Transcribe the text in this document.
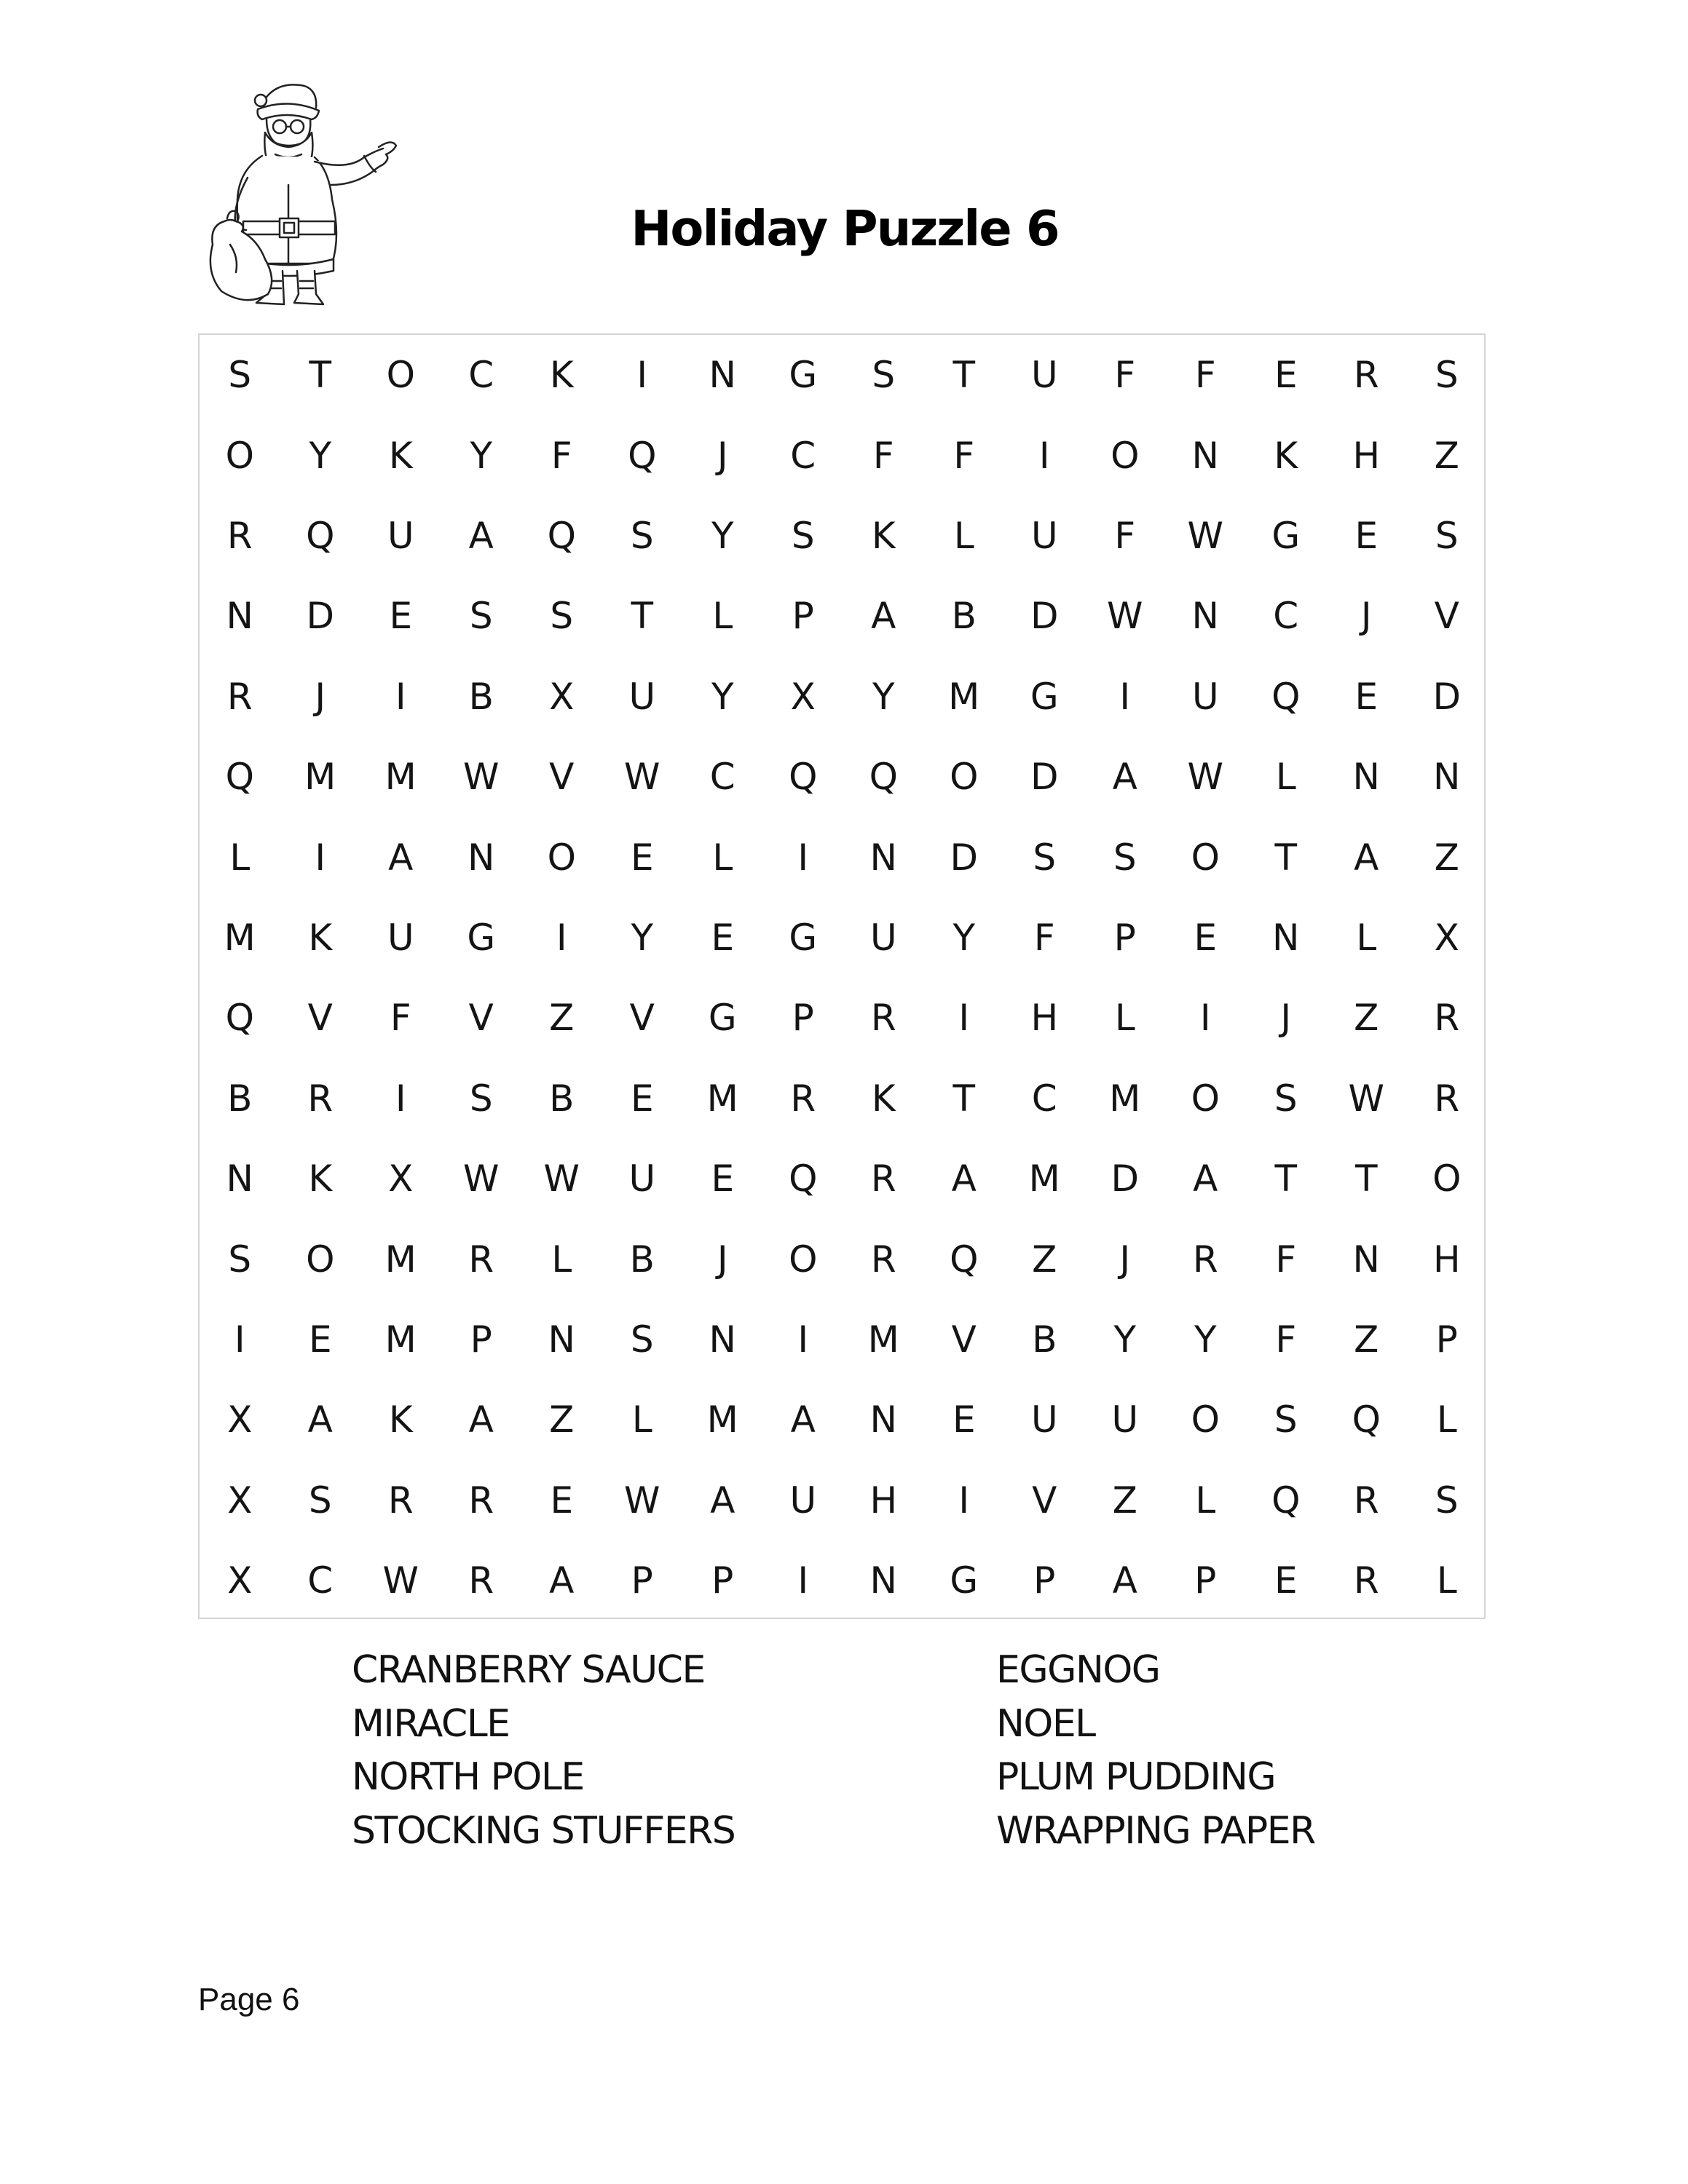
Holiday Puzzle 6
S	T	O	C	K	I	N	G	S	T	U	F	F	E	R	S
O	Y	K	Y	F	Q	J	C	F	F	I	O	N	K	H	Z
R	Q	U	A	Q	S	Y	S	K	L	U	F	W	G	E	S
N	D	E	S	S	T	L	P	A	B	D	W	N	C	J	V
R	J	I	B	X	U	Y	X	Y	M	G	I	U	Q	E	D
Q	M	M	W	V	W	C	Q	Q	O	D	A	W	L	N	N
L	I	A	N	O	E	L	I	N	D	S	S	O	T	A	Z
M	K	U	G	I	Y	E	G	U	Y	F	P	E	N	L	X
Q	V	F	V	Z	V	G	P	R	I	H	L	I	J	Z	R
B	R	I	S	B	E	M	R	K	T	C	M	O	S	W	R
N	K	X	W	W	U	E	Q	R	A	M	D	A	T	T	O
S	O	M	R	L	B	J	O	R	Q	Z	J	R	F	N	H
I	E	M	P	N	S	N	I	M	V	B	Y	Y	F	Z	P
X	A	K	A	Z	L	M	A	N	E	U	U	O	S	Q	L
X	S	R	R	E	W	A	U	H	I	V	Z	L	Q	R	S
X	C	W	R	A	P	P	I	N	G	P	A	P	E	R	L
CRANBERRY SAUCE
MIRACLE
NORTH POLE
STOCKING STUFFERS
EGGNOG
NOEL
PLUM PUDDING
WRAPPING PAPER
Page 6
